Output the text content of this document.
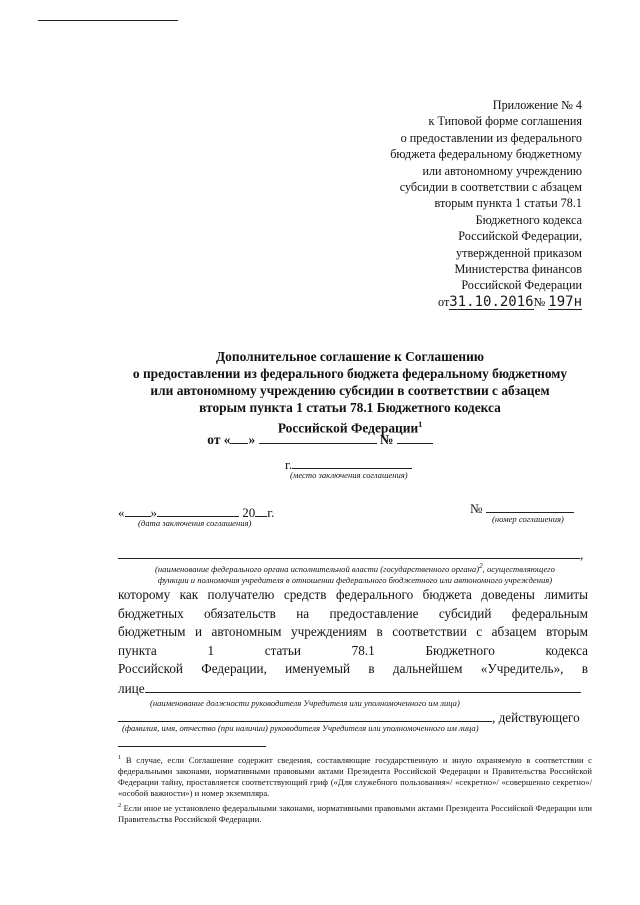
Приложение № 4
к Типовой форме соглашения
о предоставлении из федерального
бюджета федеральному бюджетному
или автономному учреждению
субсидии в соответствии с абзацем
вторым пункта 1 статьи 78.1
Бюджетного кодекса
Российской Федерации,
утвержденной приказом
Министерства финансов
Российской Федерации
от31.10.2016№ 197н
Дополнительное соглашение к Соглашению
о предоставлении из федерального бюджета федеральному бюджетному
или автономному учреждению субсидии в соответствии с абзацем
вторым пункта 1 статьи 78.1 Бюджетного кодекса
Российской Федерации$^1$
от « »	№
г.
(место заключения соглашения)
« »	20 г.
(дата заключения соглашения)
№
(номер соглашения)
,
(наименование федерального органа исполнительной власти (государственного органа)$^2$, осуществляющего
функции и полномочия учредителя в отношении федерального бюджетного или автономного учреждения)
которому как получателю средств федерального бюджета доведены лимиты
бюджетных обязательств на предоставление субсидий федеральным
бюджетным и автономным учреждениям в соответствии с абзацем вторым
пункта 1 статьи 78.1 Бюджетного кодекса
Российской Федерации, именуемый в дальнейшем «Учредитель», в
лице
(наименование должности руководителя Учредителя или уполномоченного им лица)
, действующего
(фамилия, имя, отчество (при наличии) руководителя Учредителя или уполномоченного им лица)

$^1$ В случае, если Соглашение содержит сведения, составляющие государственную и иную охраняемую в соответствии с федеральными законами, нормативными правовыми актами Президента Российской Федерации и Правительства Российской Федерации тайну, проставляется соответствующий гриф («Для служебного пользования»/ «секретно»/ «совершенно секретно»/ «особой важности») и номер экземпляра.

$^2$ Если иное не установлено федеральными законами, нормативными правовыми актами Президента Российской Федерации или Правительства Российской Федерации.
